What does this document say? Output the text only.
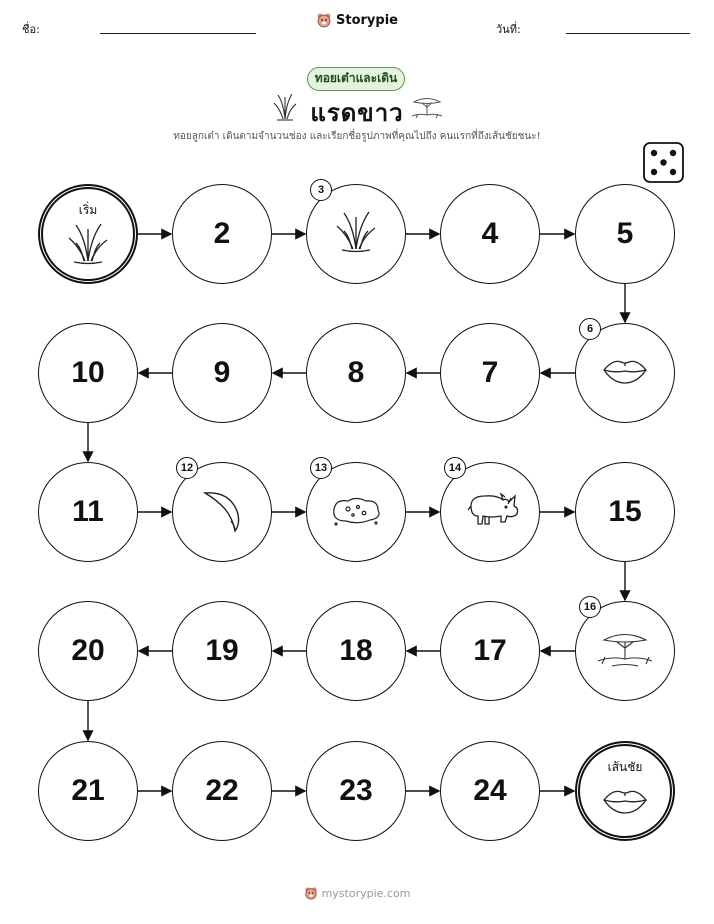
ชื่อ:
Storypie
วันที่:
ทอยเต๋าและเดิน
แรดขาว
ทอยลูกเต๋า เดินตามจำนวนช่อง และเรียกชื่อรูปภาพที่คุณไปถึง คนแรกที่ถึงเส้นชัยชนะ!
เริ่ม
2
3
4	5
6
7
8
9
10
11
12	13	14
15
16
17
18
19
20
21	22	23	24
เส้นชัย
mystorypie.com
